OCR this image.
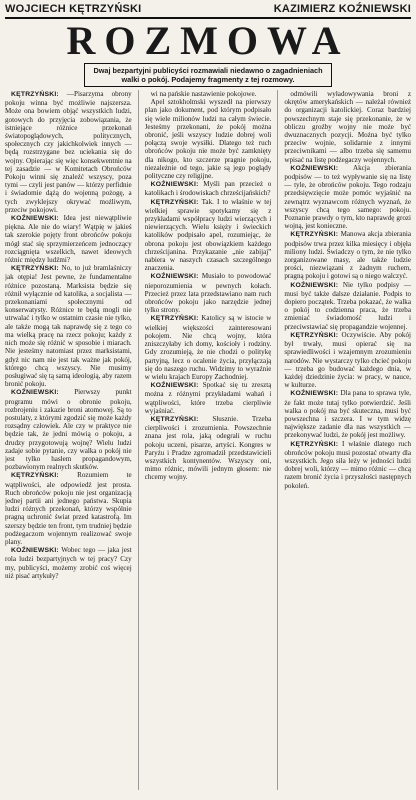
WOJCIECH KĘTRZYŃSKI	KAZIMIERZ KOŹNIEWSKI
ROZMOWA
Dwaj bezpartyjni publicyści rozmawiali niedawno o zagadnieniach walki o pokój. Podajemy fragmenty z tej rozmowy.

KĘTRZYŃSKI: —Pisarzyma obrony pokoju winna być możliwie najszersza. Może ona bowiem objąć wszystkich ludzi, gotowych do przyjęcia zobowiązania, że istniejące różnice przekonań światopoglądowych, politycznych, społecznych czy jakichkolwiek innych — będą rozstrzygane bez uciekania się do wojny. Opierając się więc konsekwentnie na tej zasadzie — w Komitetach Obrońców Pokoju winni się znaleźć wszyscy, poza tymi — czyli jest panów — którzy perfidnie i świadomie dążą do wojenną pożogę, a tych zwyklejszy okrywać możliwym, przeciw pokojowi.

KOŹNIEWSKI: Idea jest niewątpliwie piękna. Ale nie do wiary! Wątpię w jakieś tak szerokie pojęty front obrońców pokoju mógł stać się sprzymierzeńcem jednoczący rozciągnięta wszelkich, nawet ideowych różnic między ludźmi?

KĘTRZYŃSKI: No, to już bramlaśniczy jak otępia! Jest pewne, że fundamentalne różnice pozostaną. Marksista będzie się różnił wyłącznie od katolika, a socjalista — przekonaniami społecznymi od konserwatysty. Różnice te będą mogli nie utrwalać i tylko w ostatnim czasie nie tylko, ale także mogą tak naprawdę się z tego co ma wielką pracę na rzecz pokoju; każdy z nich może się różnić w sposobie i miarach. Nie jesteśmy natomiast przez marksistami, gdyż nic nam nie jest tak ważne jak pokój, którego chcą wszyscy. Nie musimy posługiwać się tą samą ideologią, aby razem bronić pokoju.

KOŹNIEWSKI: Pierwszy punkt programu mówi o obronie pokoju, rozbrojeniu i zakazie broni atomowej. Są to postulaty, z którymi zgodzić się może każdy rozsądny człowiek. Ale czy w praktyce nie będzie tak, że jedni mówią o pokoju, a drudzy przygotowują wojnę? Wielu ludzi zadaje sobie pytanie, czy walka o pokój nie jest tylko hasłem propagandowym, pozbawionym realnych skutków.

KĘTRZYŃSKI:	Rozumiem te wątpliwości, ale odpowiedź jest prosta. Ruch obrońców pokoju nie jest organizacją jednej partii ani jednego państwa. Skupia ludzi różnych przekonań, którzy wspólnie pragną uchronić świat przed katastrofą. Im szerszy będzie ten front, tym trudniej będzie podżegaczom wojennym realizować swoje plany.

KOŹNIEWSKI: Wobec tego — jaka jest rola ludzi bezpartyjnych w tej pracy? Czy my, publicyści, możemy zrobić coś więcej niż pisać artykuły?

wi na pańskie nastawienie pokojowe.

Apel sztokholmski wyszedł na pierwszy plan jako dokument, pod którym podpisało się wiele milionów ludzi na całym świecie. Jesteśmy przekonani, że pokój można obronić, jeśli wszyscy ludzie dobrej woli połączą swoje wysiłki. Dlatego też ruch obrońców pokoju nie może być zamknięty dla nikogo, kto szczerze pragnie pokoju, niezależnie od tego, jakie są jego poglądy polityczne czy religijne.

KOŹNIEWSKI: Myśli pan przecież o katolikach i środowiskach chrześcijańskich?

KĘTRZYŃSKI: Tak. I to właśnie w tej wielkiej sprawie spotykamy się z przykładami współpracy ludzi wierzących i niewierzących. Wielu księży i świeckich katolików podpisało apel, rozumiejąc, że obrona pokoju jest obowiązkiem każdego chrześcijanina. Przykazanie „nie zabijaj” nabiera w naszych czasach szczególnego znaczenia.

KOŹNIEWSKI: Musiało to powodować nieporozumienia w pewnych kołach. Przecież przez lata przedstawiano nam ruch obrońców pokoju jako narzędzie jednej tylko strony.

KĘTRZYŃSKI: Katolicy są w istocie w wielkiej większości zainteresowani pokojem. Nie chcą wojny, która zniszczyłaby ich domy, kościoły i rodziny. Gdy zrozumieją, że nie chodzi o politykę partyjną, lecz o ocalenie życia, przyłączają się do naszego ruchu. Widzimy to wyraźnie w wielu krajach Europy Zachodniej.

KOŹNIEWSKI: Spotkać się tu zresztą można z różnymi przykładami wahań i wątpliwości, które trzeba cierpliwie wyjaśniać.

KĘTRZYŃSKI: Słusznie. Trzeba cierpliwości i zrozumienia. Powszechnie znana jest rola, jaką odegrali w ruchu pokoju uczeni, pisarze, artyści. Kongres w Paryżu i Pradze zgromadził przedstawicieli wszystkich kontynentów. Wszyscy oni, mimo różnic, mówili jednym głosem: nie chcemy wojny.

odmówili wyładowywania broni z okrętów amerykańskich — należał również do organizacji katolickiej. Coraz bardziej powszechnym staje się przekonanie, że w obliczu groźby wojny nie może być dwuznacznych pozycji. Można być tylko przeciw wojnie, solidarnie z innymi przeciwnikami — albo trzeba się samemu wpisać na listę podżegaczy wojennych.

KOŹNIEWSKI: Akcja zbierania podpisów — to też wypływanie się na listę — tyle, że obrońców pokoju. Tego rodzaju przedsięwzięcie może pomóc wyjaśnić na zewnątrz wyznawcom różnych wyznań, że wszyscy chcą tego samego: pokoju. Poznanie prawdy o tym, kto naprawdę grozi wojną, jest konieczne.

KĘTRZYŃSKI: Manowa akcja zbierania podpisów trwa przez kilka miesięcy i objęła miliony ludzi. Świadczy o tym, że nie tylko zorganizowane masy, ale także ludzie prości, niezwiązani z żadnym ruchem, pragną pokoju i gotowi są o niego walczyć.

KOŹNIEWSKI: Nie tylko podpisy — musi być także dalsze działanie. Podpis to dopiero początek. Trzeba pokazać, że walka o pokój to codzienna praca, że trzeba zmieniać świadomość ludzi i przeciwstawiać się propagandzie wojennej.

KĘTRZYŃSKI: Oczywiście. Aby pokój był trwały, musi opierać się na sprawiedliwości i wzajemnym zrozumieniu narodów. Nie wystarczy tylko chcieć pokoju — trzeba go budować każdego dnia, w każdej dziedzinie życia: w pracy, w nauce, w kulturze.

KOŹNIEWSKI: Dla pana to sprawa tyle, że fakt może tutaj tylko potwierdzić. Jeśli walka o pokój ma być skuteczna, musi być powszechna i szczera. I w tym widzę największe zadanie dla nas wszystkich — przekonywać ludzi, że pokój jest możliwy.

KĘTRZYŃSKI: I właśnie dlatego ruch obrońców pokoju musi pozostać otwarty dla wszystkich. Jego siła leży w jedności ludzi dobrej woli, którzy — mimo różnic — chcą razem bronić życia i przyszłości następnych pokoleń.
